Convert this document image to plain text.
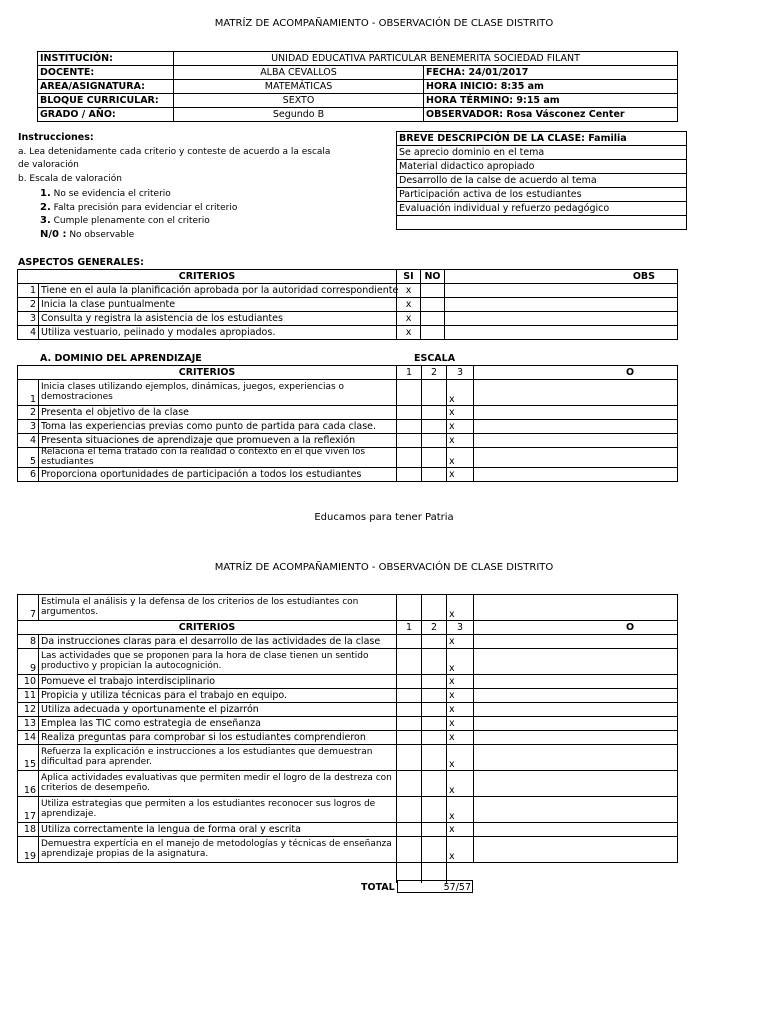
MATRÍZ DE ACOMPAÑAMIENTO - OBSERVACIÓN DE CLASE DISTRITO
INSTITUCIÓN:	UNIDAD EDUCATIVA PARTICULAR BENEMERITA SOCIEDAD FILANT	
DOCENTE:	ALBA CEVALLOS	FECHA: 24/01/2017
AREA/ASIGNATURA:	MATEMÁTICAS	HORA INICIO: 8:35 am
BLOQUE CURRICULAR:	SEXTO	HORA TÉRMINO: 9:15 am
GRADO / AÑO:	Segundo B	OBSERVADOR: Rosa Vásconez Center
Instrucciones:
a. Lea detenidamente cada criterio y conteste de acuerdo a la escala
de valoración
b. Escala de valoración
1. No se evidencia el criterio
2. Falta precisión para evidenciar el criterio
3. Cumple plenamente con el criterio
N/0 : No observable
BREVE DESCRIPCIÓN DE LA CLASE: Familia
Se aprecio dominio en el tema
Material didactico apropiado
Desarrollo de la calse de acuerdo al tema
Participación activa de los estudiantes
Evaluación individual y refuerzo pedagógico

ASPECTOS GENERALES:
CRITERIOS		SI	NO	OBS
1	Tiene en el aula la planificación aprobada por la autoridad correspondiente	x		
2	Inicia la clase puntualmente	x		
3	Consulta y registra la asistencia de los estudiantes	x		
4	Utiliza vestuario, peiinado y modales apropiados.	x		
A. DOMINIO DEL APRENDIZAJE	ESCALA
CRITERIOS		1	2	3	O
1	Inicia clases utilizando ejemplos, dinámicas, juegos, experiencias o demostraciones			x	
2	Presenta el objetivo de la clase			x	
3	Toma las experiencias previas como punto de partida para cada clase.			x	
4	Presenta situaciones de aprendizaje que promueven a la reflexión			x	
5	Relaciona el tema tratado con la realidad o contexto en el que viven los estudiantes			x	
6	Proporciona oportunidades de participación a todos los estudiantes			x	
Educamos para tener Patria
MATRÍZ DE ACOMPAÑAMIENTO - OBSERVACIÓN DE CLASE DISTRITO
7	Estimula el análisis y la defensa de los criterios de los estudiantes con argumentos.			x	
CRITERIOS		1	2	3	O
8	Da instrucciones claras para el desarrollo de las actividades de la clase			x	
9	Las actividades que se proponen para la hora de clase tienen un sentido productivo y propician la autocognición.			x	
10	Pomueve el trabajo interdisciplinario			x	
11	Propicia y utiliza técnicas para el trabajo en equipo.			x	
12	Utiliza adecuada y oportunamente el pizarrón			x	
13	Emplea las TIC como estrategia de enseñanza			x	
14	Realiza preguntas para comprobar si los estudiantes comprendieron			x	
15	Refuerza la explicación e instrucciones a los estudiantes que demuestran dificultad para aprender.			x	
16	Aplica actividades evaluativas que permiten medir el logro de la destreza con criterios de desempeño.			x	
17	Utiliza estrategias que permiten a los estudiantes reconocer sus logros de aprendizaje.			x	
18	Utiliza correctamente la lengua de forma oral y escrita			x	
19	Demuestra expertícia en el manejo de metodologías y técnicas de enseñanza aprendizaje propias de la asignatura.			x	

TOTAL	57/57
